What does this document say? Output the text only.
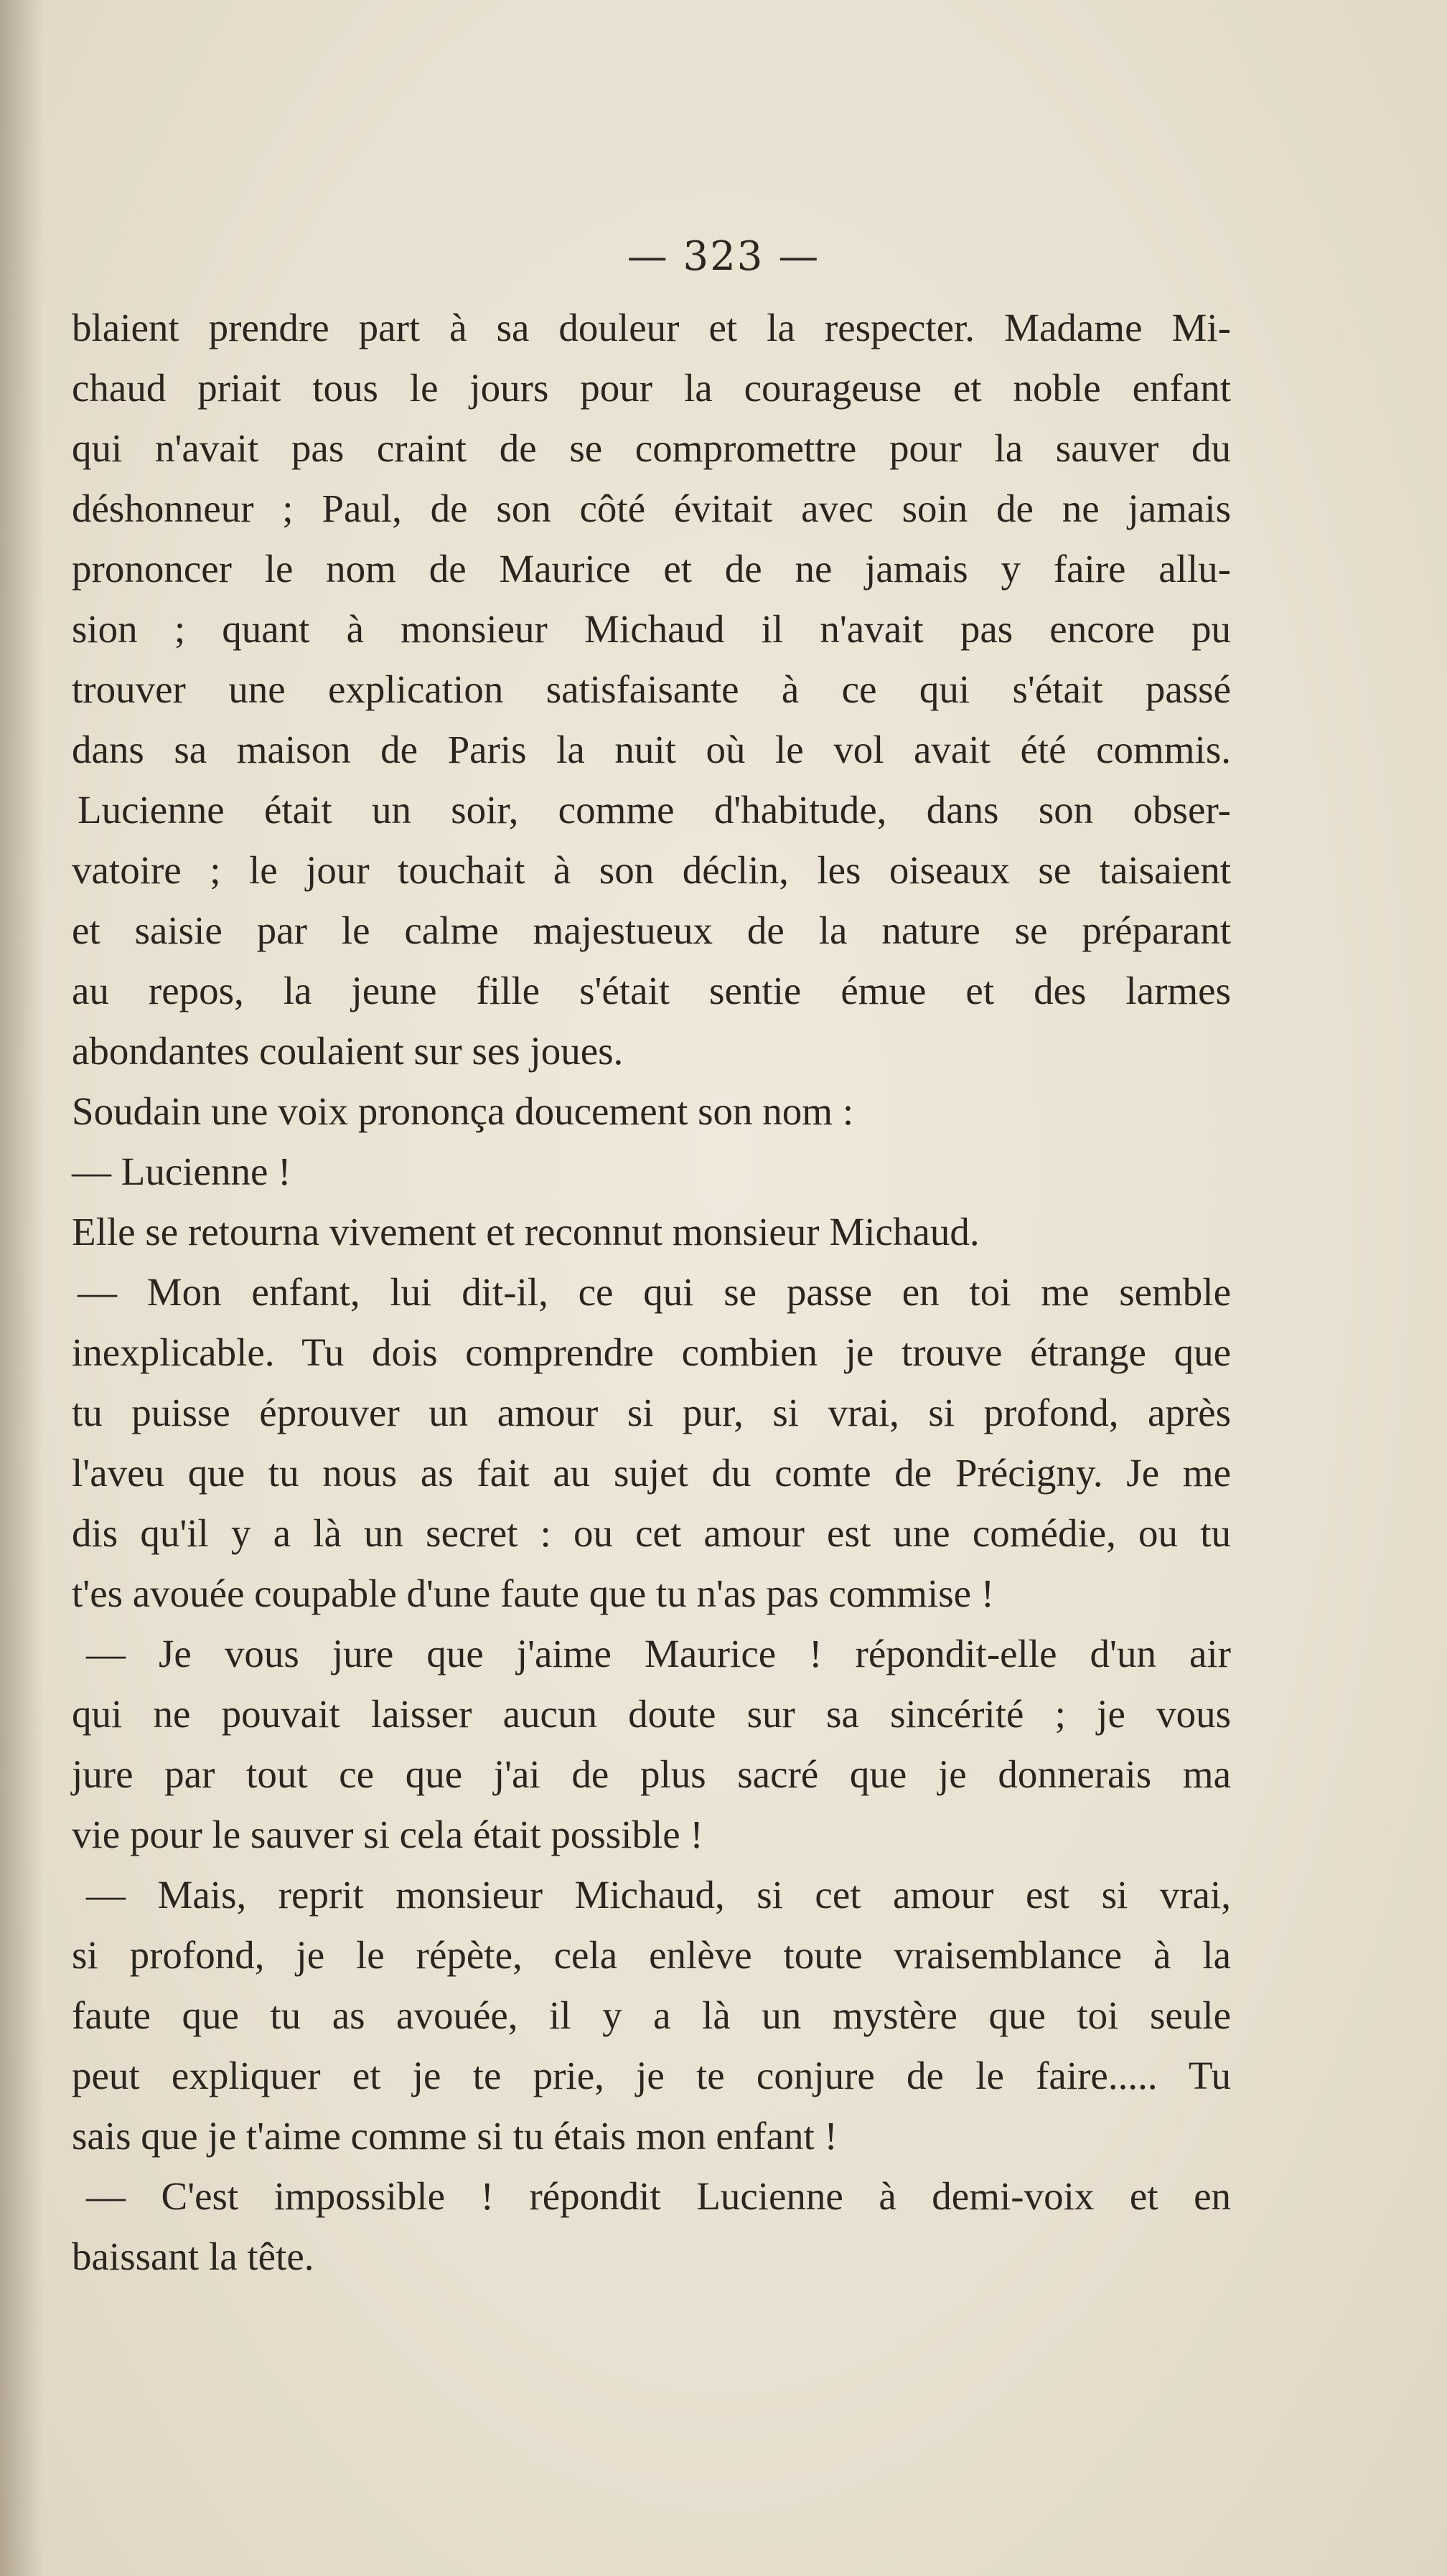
— 323 —
blaient prendre part à sa douleur et la respecter. Madame Mi-
chaud priait tous le jours pour la courageuse et noble enfant
qui n'avait pas craint de se compromettre pour la sauver du
déshonneur ; Paul, de son côté évitait avec soin de ne jamais
prononcer le nom de Maurice et de ne jamais y faire allu-
sion ; quant à monsieur Michaud il n'avait pas encore pu
trouver une explication satisfaisante à ce qui s'était passé
dans sa maison de Paris la nuit où le vol avait été commis.
Lucienne était un soir, comme d'habitude, dans son obser-
vatoire ; le jour touchait à son déclin, les oiseaux se taisaient
et saisie par le calme majestueux de la nature se préparant
au repos, la jeune fille s'était sentie émue et des larmes
abondantes coulaient sur ses joues.
Soudain une voix prononça doucement son nom :
— Lucienne !
Elle se retourna vivement et reconnut monsieur Michaud.
— Mon enfant, lui dit-il, ce qui se passe en toi me semble
inexplicable. Tu dois comprendre combien je trouve étrange que
tu puisse éprouver un amour si pur, si vrai, si profond, après
l'aveu que tu nous as fait au sujet du comte de Précigny. Je me
dis qu'il y a là un secret : ou cet amour est une comédie, ou tu
t'es avouée coupable d'une faute que tu n'as pas commise !
— Je vous jure que j'aime Maurice ! répondit-elle d'un air
qui ne pouvait laisser aucun doute sur sa sincérité ; je vous
jure par tout ce que j'ai de plus sacré que je donnerais ma
vie pour le sauver si cela était possible !
— Mais, reprit monsieur Michaud, si cet amour est si vrai,
si profond, je le répète, cela enlève toute vraisemblance à la
faute que tu as avouée, il y a là un mystère que toi seule
peut expliquer et je te prie, je te conjure de le faire..... Tu
sais que je t'aime comme si tu étais mon enfant !
— C'est impossible ! répondit Lucienne à demi-voix et en
baissant la tête.
